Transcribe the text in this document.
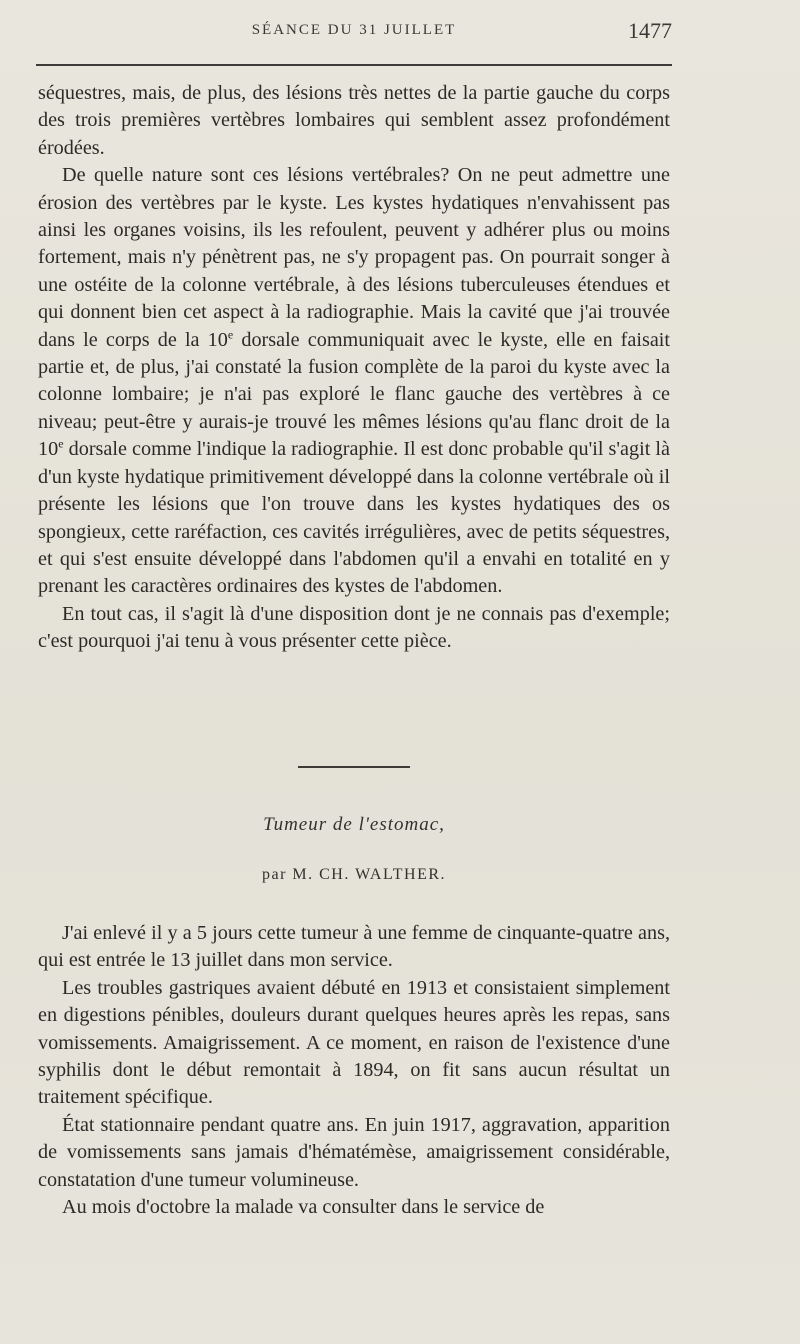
SÉANCE DU 31 JUILLET	1477

séquestres, mais, de plus, des lésions très nettes de la partie gauche du corps des trois premières vertèbres lombaires qui semblent assez profondément érodées.

De quelle nature sont ces lésions vertébrales? On ne peut admettre une érosion des vertèbres par le kyste. Les kystes hydatiques n'envahissent pas ainsi les organes voisins, ils les refoulent, peuvent y adhérer plus ou moins fortement, mais n'y pénètrent pas, ne s'y propagent pas. On pourrait songer à une ostéite de la colonne vertébrale, à des lésions tuberculeuses étendues et qui donnent bien cet aspect à la radiographie. Mais la cavité que j'ai trouvée dans le corps de la 10e dorsale communiquait avec le kyste, elle en faisait partie et, de plus, j'ai constaté la fusion complète de la paroi du kyste avec la colonne lombaire; je n'ai pas exploré le flanc gauche des vertèbres à ce niveau; peut-être y aurais-je trouvé les mêmes lésions qu'au flanc droit de la 10e dorsale comme l'indique la radiographie. Il est donc probable qu'il s'agit là d'un kyste hydatique primitivement développé dans la colonne vertébrale où il présente les lésions que l'on trouve dans les kystes hydatiques des os spongieux, cette raréfaction, ces cavités irrégulières, avec de petits séquestres, et qui s'est ensuite développé dans l'abdomen qu'il a envahi en totalité en y prenant les caractères ordinaires des kystes de l'abdomen.

En tout cas, il s'agit là d'une disposition dont je ne connais pas d'exemple; c'est pourquoi j'ai tenu à vous présenter cette pièce.

Tumeur de l'estomac,
par M. CH. WALTHER.

J'ai enlevé il y a 5 jours cette tumeur à une femme de cinquante-quatre ans, qui est entrée le 13 juillet dans mon service.

Les troubles gastriques avaient débuté en 1913 et consistaient simplement en digestions pénibles, douleurs durant quelques heures après les repas, sans vomissements. Amaigrissement. A ce moment, en raison de l'existence d'une syphilis dont le début remontait à 1894, on fit sans aucun résultat un traitement spécifique.

État stationnaire pendant quatre ans. En juin 1917, aggravation, apparition de vomissements sans jamais d'hématémèse, amaigrissement considérable, constatation d'une tumeur volumineuse.

Au mois d'octobre la malade va consulter dans le service de
